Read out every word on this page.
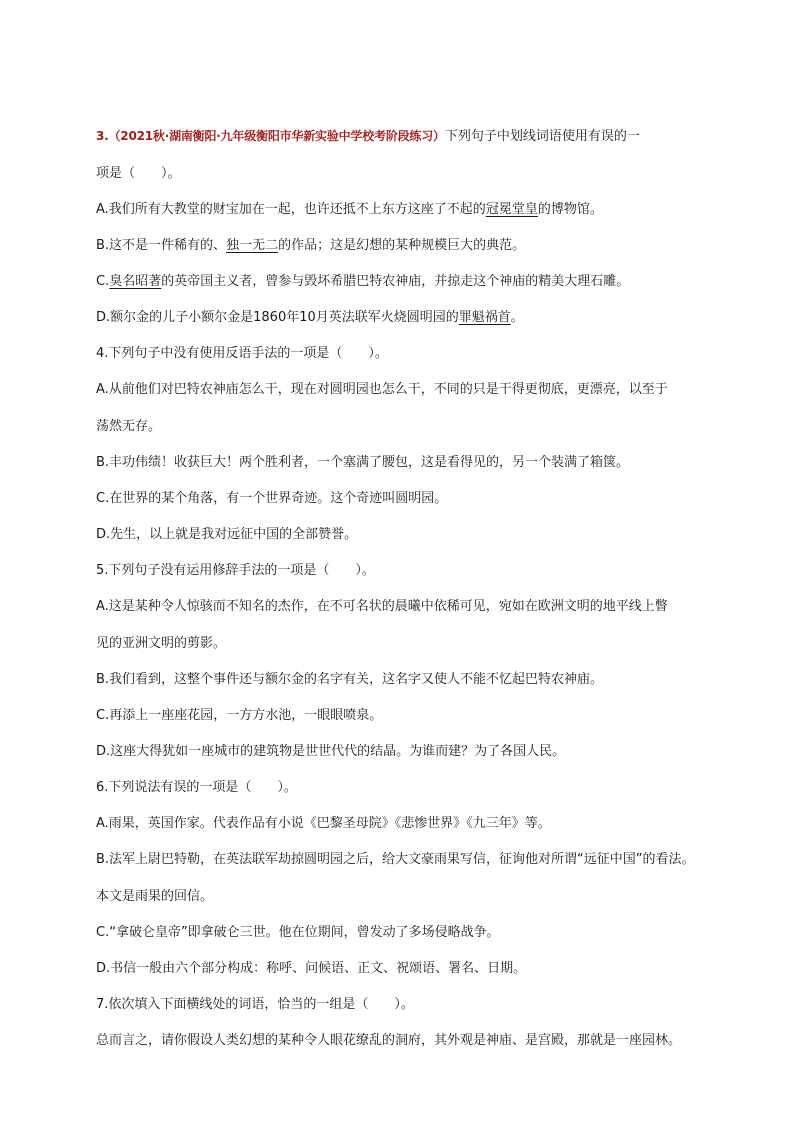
3.（2021秋·湖南衡阳·九年级衡阳市华新实验中学校考阶段练习）下列句子中划线词语使用有误的一
项是（　　）。
A.我们所有大教堂的财宝加在一起，也许还抵不上东方这座了不起的冠冕堂皇的博物馆。
B.这不是一件稀有的、独一无二的作品；这是幻想的某种规模巨大的典范。
C.臭名昭著的英帝国主义者，曾参与毁坏希腊巴特农神庙，并掠走这个神庙的精美大理石雕。
D.额尔金的儿子小额尔金是1860年10月英法联军火烧圆明园的罪魁祸首。
4.下列句子中没有使用反语手法的一项是（　　）。
A.从前他们对巴特农神庙怎么干，现在对圆明园也怎么干，不同的只是干得更彻底，更漂亮，以至于
荡然无存。
B.丰功伟绩！收获巨大！两个胜利者，一个塞满了腰包，这是看得见的，另一个装满了箱箧。
C.在世界的某个角落，有一个世界奇迹。这个奇迹叫圆明园。
D.先生，以上就是我对远征中国的全部赞誉。
5.下列句子没有运用修辞手法的一项是（　　）。
A.这是某种令人惊骇而不知名的杰作，在不可名状的晨曦中依稀可见，宛如在欧洲文明的地平线上瞥
见的亚洲文明的剪影。
B.我们看到，这整个事件还与额尔金的名字有关，这名字又使人不能不忆起巴特农神庙。
C.再添上一座座花园，一方方水池，一眼眼喷泉。
D.这座大得犹如一座城市的建筑物是世世代代的结晶。为谁而建？为了各国人民。
6.下列说法有误的一项是（　　）。
A.雨果，英国作家。代表作品有小说《巴黎圣母院》《悲惨世界》《九三年》等。
B.法军上尉巴特勒，在英法联军劫掠圆明园之后，给大文豪雨果写信，征询他对所谓“远征中国”的看法。
本文是雨果的回信。
C.“拿破仑皇帝”即拿破仑三世。他在位期间，曾发动了多场侵略战争。
D.书信一般由六个部分构成：称呼、问候语、正文、祝颂语、署名、日期。
7.依次填入下面横线处的词语，恰当的一组是（　　）。
总而言之，请你假设人类幻想的某种令人眼花缭乱的洞府，其外观是神庙、是宫殿，那就是一座园林。
